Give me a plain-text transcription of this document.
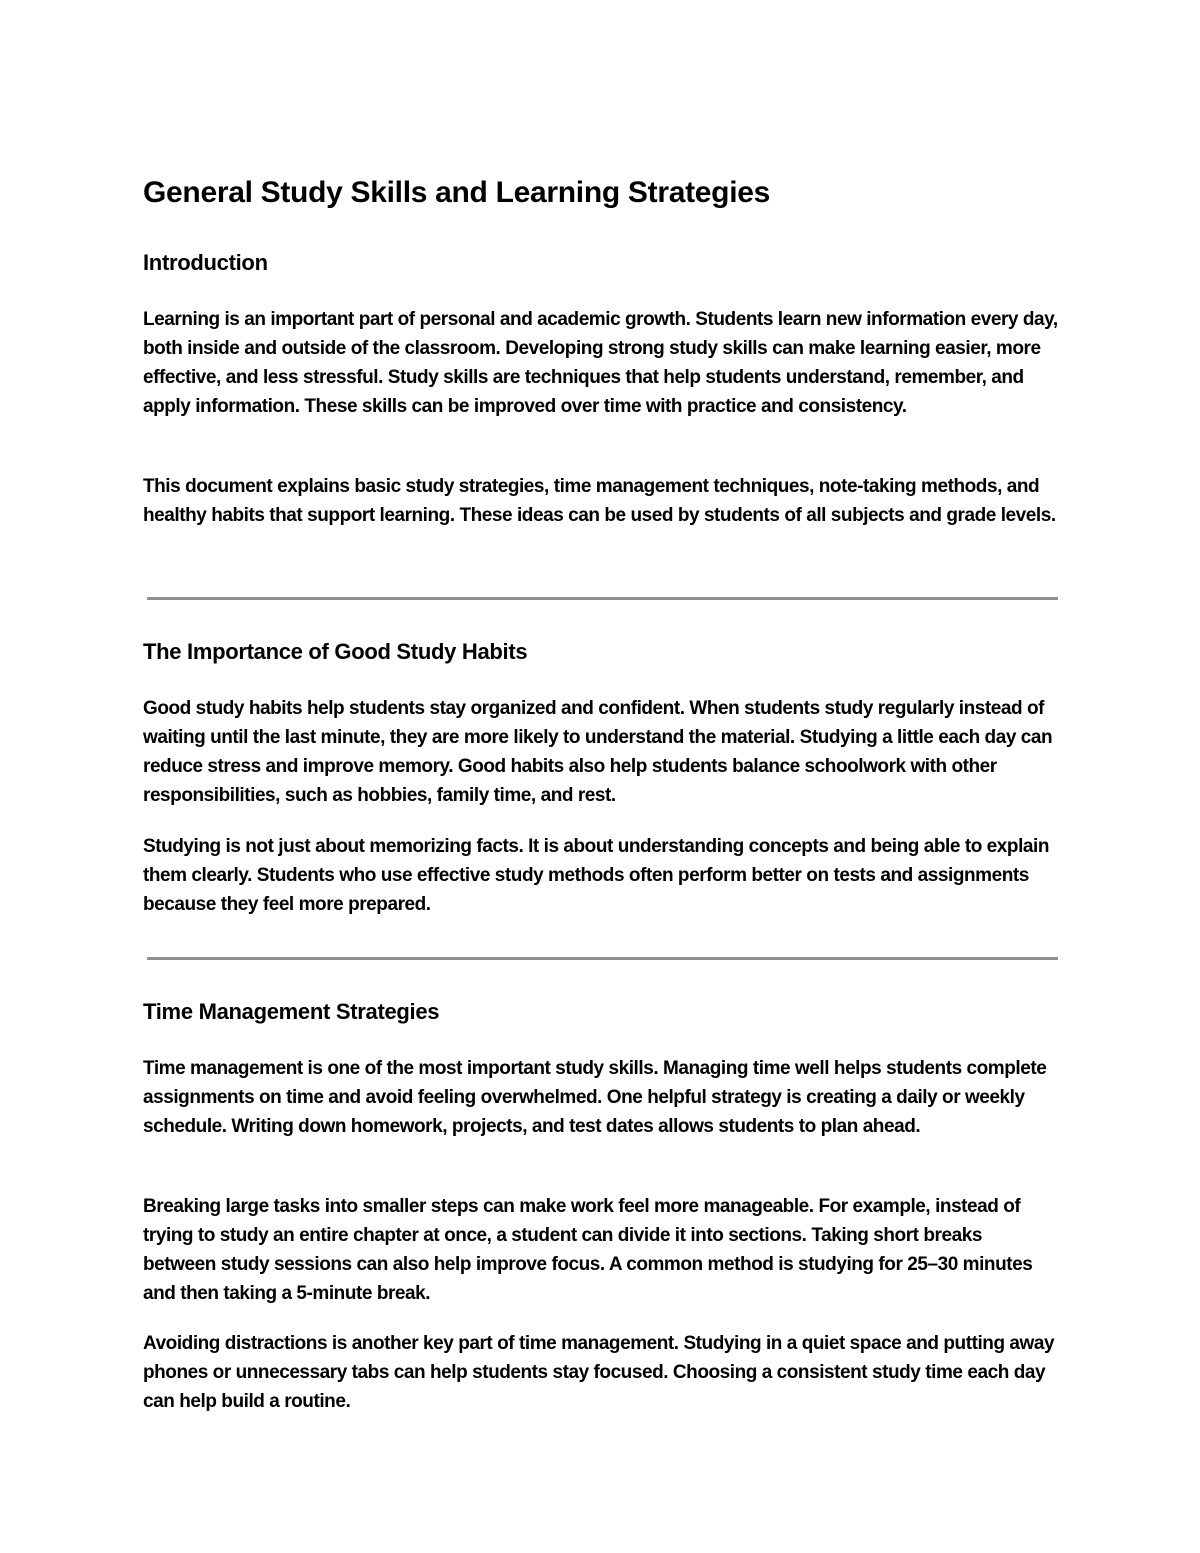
General Study Skills and Learning Strategies
Introduction

Learning is an important part of personal and academic growth. Students learn new information every day, both inside and outside of the classroom. Developing strong study skills can make learning easier, more effective, and less stressful. Study skills are techniques that help students understand, remember, and apply information. These skills can be improved over time with practice and consistency.

This document explains basic study strategies, time management techniques, note-taking methods, and healthy habits that support learning. These ideas can be used by students of all subjects and grade levels.

The Importance of Good Study Habits

Good study habits help students stay organized and confident. When students study regularly instead of waiting until the last minute, they are more likely to understand the material. Studying a little each day can reduce stress and improve memory. Good habits also help students balance schoolwork with other responsibilities, such as hobbies, family time, and rest.

Studying is not just about memorizing facts. It is about understanding concepts and being able to explain them clearly. Students who use effective study methods often perform better on tests and assignments because they feel more prepared.

Time Management Strategies

Time management is one of the most important study skills. Managing time well helps students complete assignments on time and avoid feeling overwhelmed. One helpful strategy is creating a daily or weekly schedule. Writing down homework, projects, and test dates allows students to plan ahead.

Breaking large tasks into smaller steps can make work feel more manageable. For example, instead of trying to study an entire chapter at once, a student can divide it into sections. Taking short breaks between study sessions can also help improve focus. A common method is studying for 25–30 minutes and then taking a 5-minute break.

Avoiding distractions is another key part of time management. Studying in a quiet space and putting away phones or unnecessary tabs can help students stay focused. Choosing a consistent study time each day can help build a routine.
